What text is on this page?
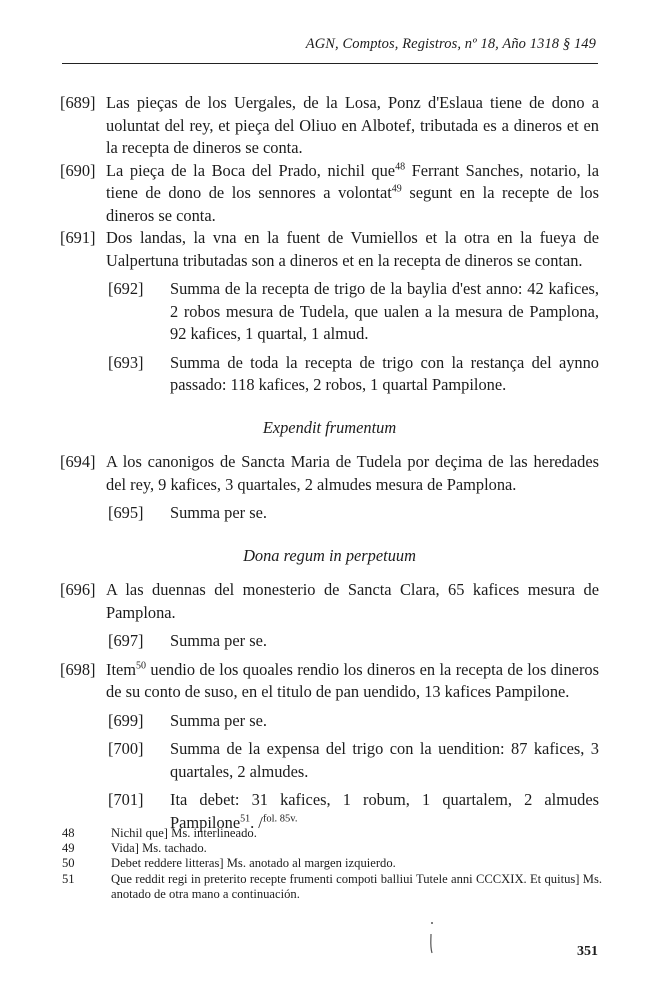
AGN, Comptos, Registros, nº 18, Año 1318 § 149

[689] Las pieças de los Uergales, de la Losa, Ponz d'Eslaua tiene de dono a uoluntat del rey, et pieça del Oliuo en Albotef, tributada es a dineros et en la recepta de dineros se conta.

[690] La pieça de la Boca del Prado, nichil que$^{48}$ Ferrant Sanches, notario, la tiene de dono de los sennores a volontat$^{49}$ segunt en la recepte de los dineros se conta.

[691] Dos landas, la vna en la fuent de Vumiellos et la otra en la fueya de Ualpertuna tributadas son a dineros et en la recepta de dineros se contan.

[692] Summa de la recepta de trigo de la baylia d'est anno: 42 kafices, 2 robos mesura de Tudela, que ualen a la mesura de Pamplona, 92 kafices, 1 quartal, 1 almud.

[693] Summa de toda la recepta de trigo con la restança del aynno passado: 118 kafices, 2 robos, 1 quartal Pampilone.

Expendit frumentum

[694] A los canonigos de Sancta Maria de Tudela por deçima de las heredades del rey, 9 kafices, 3 quartales, 2 almudes mesura de Pamplona.

[695] Summa per se.

Dona regum in perpetuum

[696] A las duennas del monesterio de Sancta Clara, 65 kafices mesura de Pamplona.

[697] Summa per se.

[698] Item$^{50}$ uendio de los quoales rendio los dineros en la recepta de los dineros de su conto de suso, en el titulo de pan uendido, 13 kafices Pampilone.

[699] Summa per se.

[700] Summa de la expensa del trigo con la uendition: 87 kafices, 3 quartales, 2 almudes.

[701] Ita debet: 31 kafices, 1 robum, 1 quartalem, 2 almudes Pampilone$^{51}$. /$^{fol. 85v.}$

48	Nichil que] Ms. interlineado.
49	Vida] Ms. tachado.
50	Debet reddere litteras] Ms. anotado al margen izquierdo.
51	Que reddit regi in preterito recepte frumenti compoti balliui Tutele anni CCCXIX. Et quitus] Ms. anotado de otra mano a continuación.
351
